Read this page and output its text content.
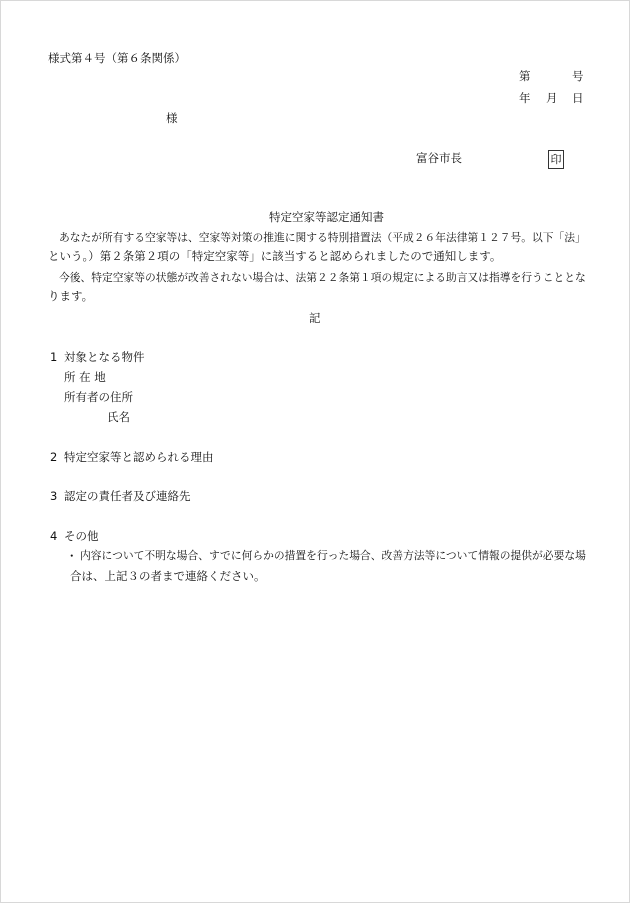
様式第４号（第６条関係）
第	号
年 月 日
様
富谷市長	印
特定空家等認定通知書
あなたが所有する空家等は、空家等対策の推進に関する特別措置法（平成２６年法律第１２７号。以下「法」
という。）第２条第２項の「特定空家等」に該当すると認められましたので通知します。
今後、特定空家等の状態が改善されない場合は、法第２２条第１項の規定による助言又は指導を行うこととな
ります。
記
1 対象となる物件
所 在 地
所有者の住所
氏名
2 特定空家等と認められる理由
3 認定の責任者及び連絡先
4 その他
・ 内容について不明な場合、すでに何らかの措置を行った場合、改善方法等について情報の提供が必要な場
合は、上記３の者まで連絡ください。
